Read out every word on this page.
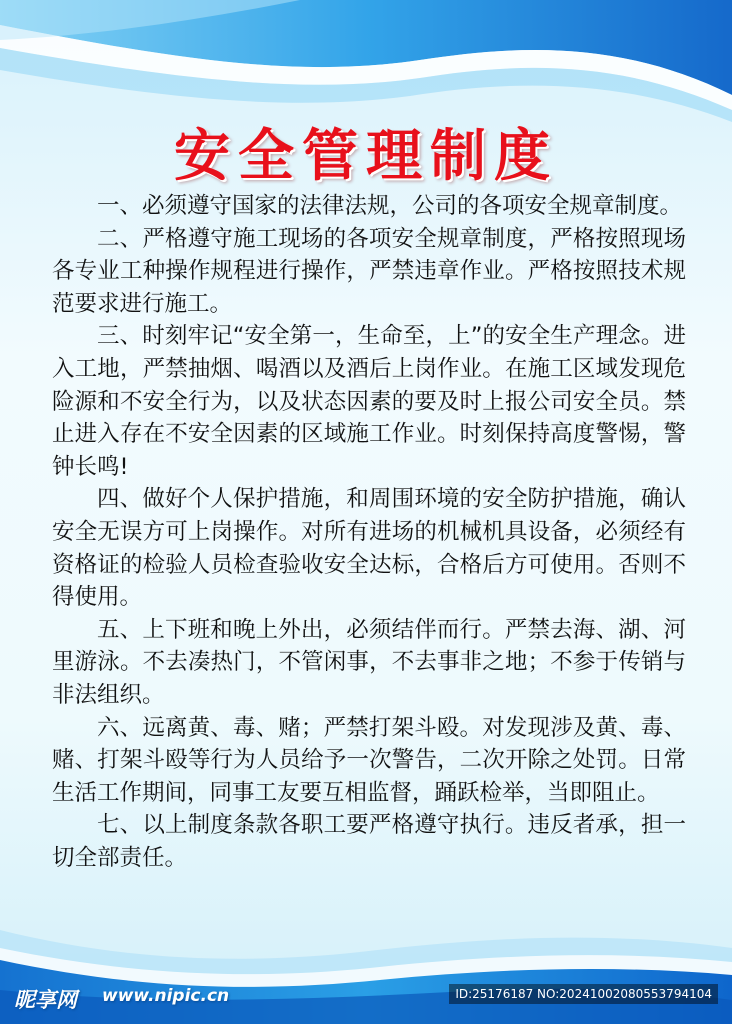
安全管理制度

一、必须遵守国家的法律法规，公司的各项安全规章制度。

二、严格遵守施工现场的各项安全规章制度，严格按照现场各专业工种操作规程进行操作，严禁违章作业。严格按照技术规范要求进行施工。

三、时刻牢记“安全第一，生命至，上”的安全生产理念。进入工地，严禁抽烟、喝酒以及酒后上岗作业。在施工区域发现危险源和不安全行为，以及状态因素的要及时上报公司安全员。禁止进入存在不安全因素的区域施工作业。时刻保持高度警惕，警钟长鸣!

四、做好个人保护措施，和周围环境的安全防护措施，确认安全无误方可上岗操作。对所有进场的机械机具设备，必须经有资格证的检验人员检查验收安全达标，合格后方可使用。否则不得使用。

五、上下班和晚上外出，必须结伴而行。严禁去海、湖、河里游泳。不去凑热门，不管闲事，不去事非之地；不参于传销与非法组织。

六、远离黄、毒、赌；严禁打架斗殴。对发现涉及黄、毒、赌、打架斗殴等行为人员给予一次警告，二次开除之处罚。日常生活工作期间，同事工友要互相监督，踊跃检举，当即阻止。

七、以上制度条款各职工要严格遵守执行。违反者承，担一切全部责任。

昵享网 www.nipic.cn	ID:25176187 NO:20241002080553794104
